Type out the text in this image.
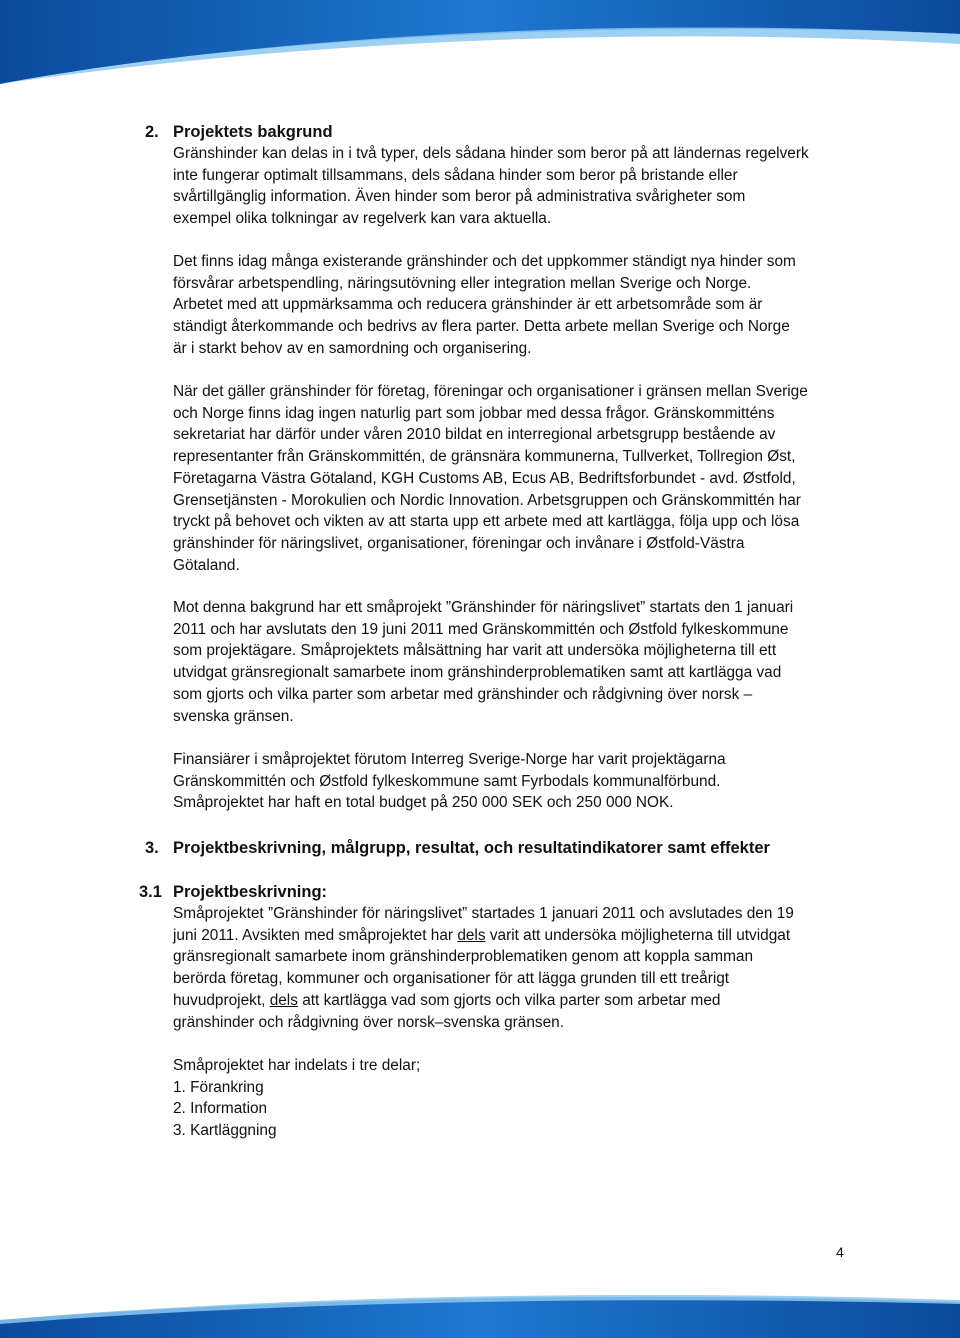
2. Projektets bakgrund
Gränshinder kan delas in i två typer, dels sådana hinder som beror på att ländernas regelverk
inte fungerar optimalt tillsammans, dels sådana hinder som beror på bristande eller
svårtillgänglig information. Även hinder som beror på administrativa svårigheter som
exempel olika tolkningar av regelverk kan vara aktuella.
Det finns idag många existerande gränshinder och det uppkommer ständigt nya hinder som
försvårar arbetspendling, näringsutövning eller integration mellan Sverige och Norge.
Arbetet med att uppmärksamma och reducera gränshinder är ett arbetsområde som är
ständigt återkommande och bedrivs av flera parter. Detta arbete mellan Sverige och Norge
är i starkt behov av en samordning och organisering.
När det gäller gränshinder för företag, föreningar och organisationer i gränsen mellan Sverige
och Norge finns idag ingen naturlig part som jobbar med dessa frågor. Gränskommitténs
sekretariat har därför under våren 2010 bildat en interregional arbetsgrupp bestående av
representanter från Gränskommittén, de gränsnära kommunerna, Tullverket, Tollregion Øst,
Företagarna Västra Götaland, KGH Customs AB, Ecus AB, Bedriftsforbundet - avd. Østfold,
Grensetjänsten - Morokulien och Nordic Innovation. Arbetsgruppen och Gränskommittén har
tryckt på behovet och vikten av att starta upp ett arbete med att kartlägga, följa upp och lösa
gränshinder för näringslivet, organisationer, föreningar och invånare i Østfold-Västra
Götaland.
Mot denna bakgrund har ett småprojekt ”Gränshinder för näringslivet” startats den 1 januari
2011 och har avslutats den 19 juni 2011 med Gränskommittén och Østfold fylkeskommune
som projektägare. Småprojektets målsättning har varit att undersöka möjligheterna till ett
utvidgat gränsregionalt samarbete inom gränshinderproblematiken samt att kartlägga vad
som gjorts och vilka parter som arbetar med gränshinder och rådgivning över norsk –
svenska gränsen.
Finansiärer i småprojektet förutom Interreg Sverige-Norge har varit projektägarna
Gränskommittén och Østfold fylkeskommune samt Fyrbodals kommunalförbund.
Småprojektet har haft en total budget på 250 000 SEK och 250 000 NOK.
3. Projektbeskrivning, målgrupp, resultat, och resultatindikatorer samt effekter
3.1 Projektbeskrivning:
Småprojektet ”Gränshinder för näringslivet” startades 1 januari 2011 och avslutades den 19
juni 2011. Avsikten med småprojektet har dels varit att undersöka möjligheterna till utvidgat
gränsregionalt samarbete inom gränshinderproblematiken genom att koppla samman
berörda företag, kommuner och organisationer för att lägga grunden till ett treårigt
huvudprojekt, dels att kartlägga vad som gjorts och vilka parter som arbetar med
gränshinder och rådgivning över norsk–svenska gränsen.
Småprojektet har indelats i tre delar;
1. Förankring
2. Information
3. Kartläggning
4
